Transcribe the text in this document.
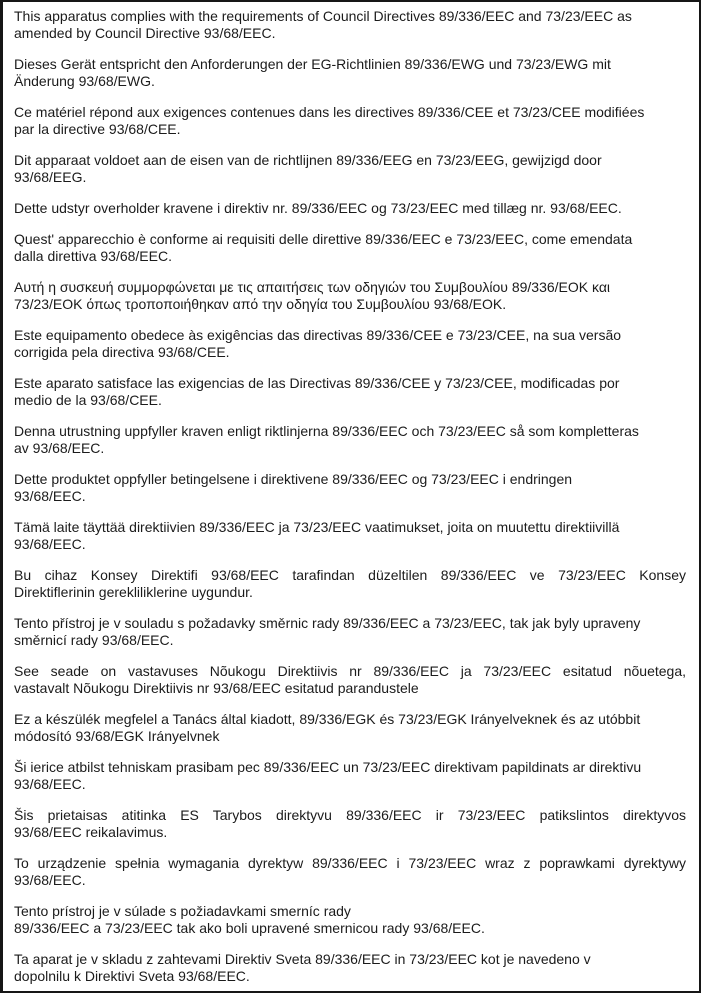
This apparatus complies with the requirements of Council Directives 89/336/EEC and 73/23/EEC as
amended by Council Directive 93/68/EEC.

Dieses Gerät entspricht den Anforderungen der EG-Richtlinien 89/336/EWG und 73/23/EWG mit
Änderung 93/68/EWG.

Ce matériel répond aux exigences contenues dans les directives 89/336/CEE et 73/23/CEE modifiées
par la directive 93/68/CEE.

Dit apparaat voldoet aan de eisen van de richtlijnen 89/336/EEG en 73/23/EEG, gewijzigd door
93/68/EEG.

Dette udstyr overholder kravene i direktiv nr. 89/336/EEC og 73/23/EEC med tillæg nr. 93/68/EEC.

Quest' apparecchio è conforme ai requisiti delle direttive 89/336/EEC e 73/23/EEC, come emendata
dalla direttiva 93/68/EEC.

Αυτή η συσκευή συμμορφώνεται με τις απαιτήσεις των οδηγιών του Συμβουλίου 89/336/ΕΟΚ και
73/23/ΕΟΚ όπως τροποποιήθηκαν από την οδηγία του Συμβουλίου 93/68/ΕΟΚ.

Este equipamento obedece às exigências das directivas 89/336/CEE e 73/23/CEE, na sua versão
corrigida pela directiva 93/68/CEE.

Este aparato satisface las exigencias de las Directivas 89/336/CEE y 73/23/CEE, modificadas por
medio de la 93/68/CEE.

Denna utrustning uppfyller kraven enligt riktlinjerna 89/336/EEC och 73/23/EEC så som kompletteras
av 93/68/EEC.

Dette produktet oppfyller betingelsene i direktivene 89/336/EEC og 73/23/EEC i endringen
93/68/EEC.

Tämä laite täyttää direktiivien 89/336/EEC ja 73/23/EEC vaatimukset, joita on muutettu direktiivillä
93/68/EEC.

Bu cihaz Konsey Direktifi 93/68/EEC tarafindan düzeltilen 89/336/EEC ve 73/23/EEC Konsey
Direktiflerinin gerekliliklerine uygundur.

Tento přístroj je v souladu s požadavky směrnic rady 89/336/EEC a 73/23/EEC, tak jak byly upraveny
směrnicí rady 93/68/EEC.

See seade on vastavuses Nõukogu Direktiivis nr 89/336/EEC ja 73/23/EEC esitatud nõuetega,
vastavalt Nõukogu Direktiivis nr 93/68/EEC esitatud parandustele

Ez a készülék megfelel a Tanács által kiadott, 89/336/EGK és 73/23/EGK Irányelveknek és az utóbbit
módosító 93/68/EGK Irányelvnek

Ši ierice atbilst tehniskam prasibam pec 89/336/EEC un 73/23/EEC direktivam papildinats ar direktivu
93/68/EEC.

Šis prietaisas atitinka ES Tarybos direktyvu 89/336/EEC ir 73/23/EEC patikslintos direktyvos
93/68/EEC reikalavimus.

To urządzenie spełnia wymagania dyrektyw 89/336/EEC i 73/23/EEC wraz z poprawkami dyrektywy
93/68/EEC.

Tento prístroj je v súlade s požiadavkami smerníc rady
89/336/EEC a 73/23/EEC tak ako boli upravené smernicou rady 93/68/EEC.

Ta aparat je v skladu z zahtevami Direktiv Sveta 89/336/EEC in 73/23/EEC kot je navedeno v
dopolnilu k Direktivi Sveta 93/68/EEC.
